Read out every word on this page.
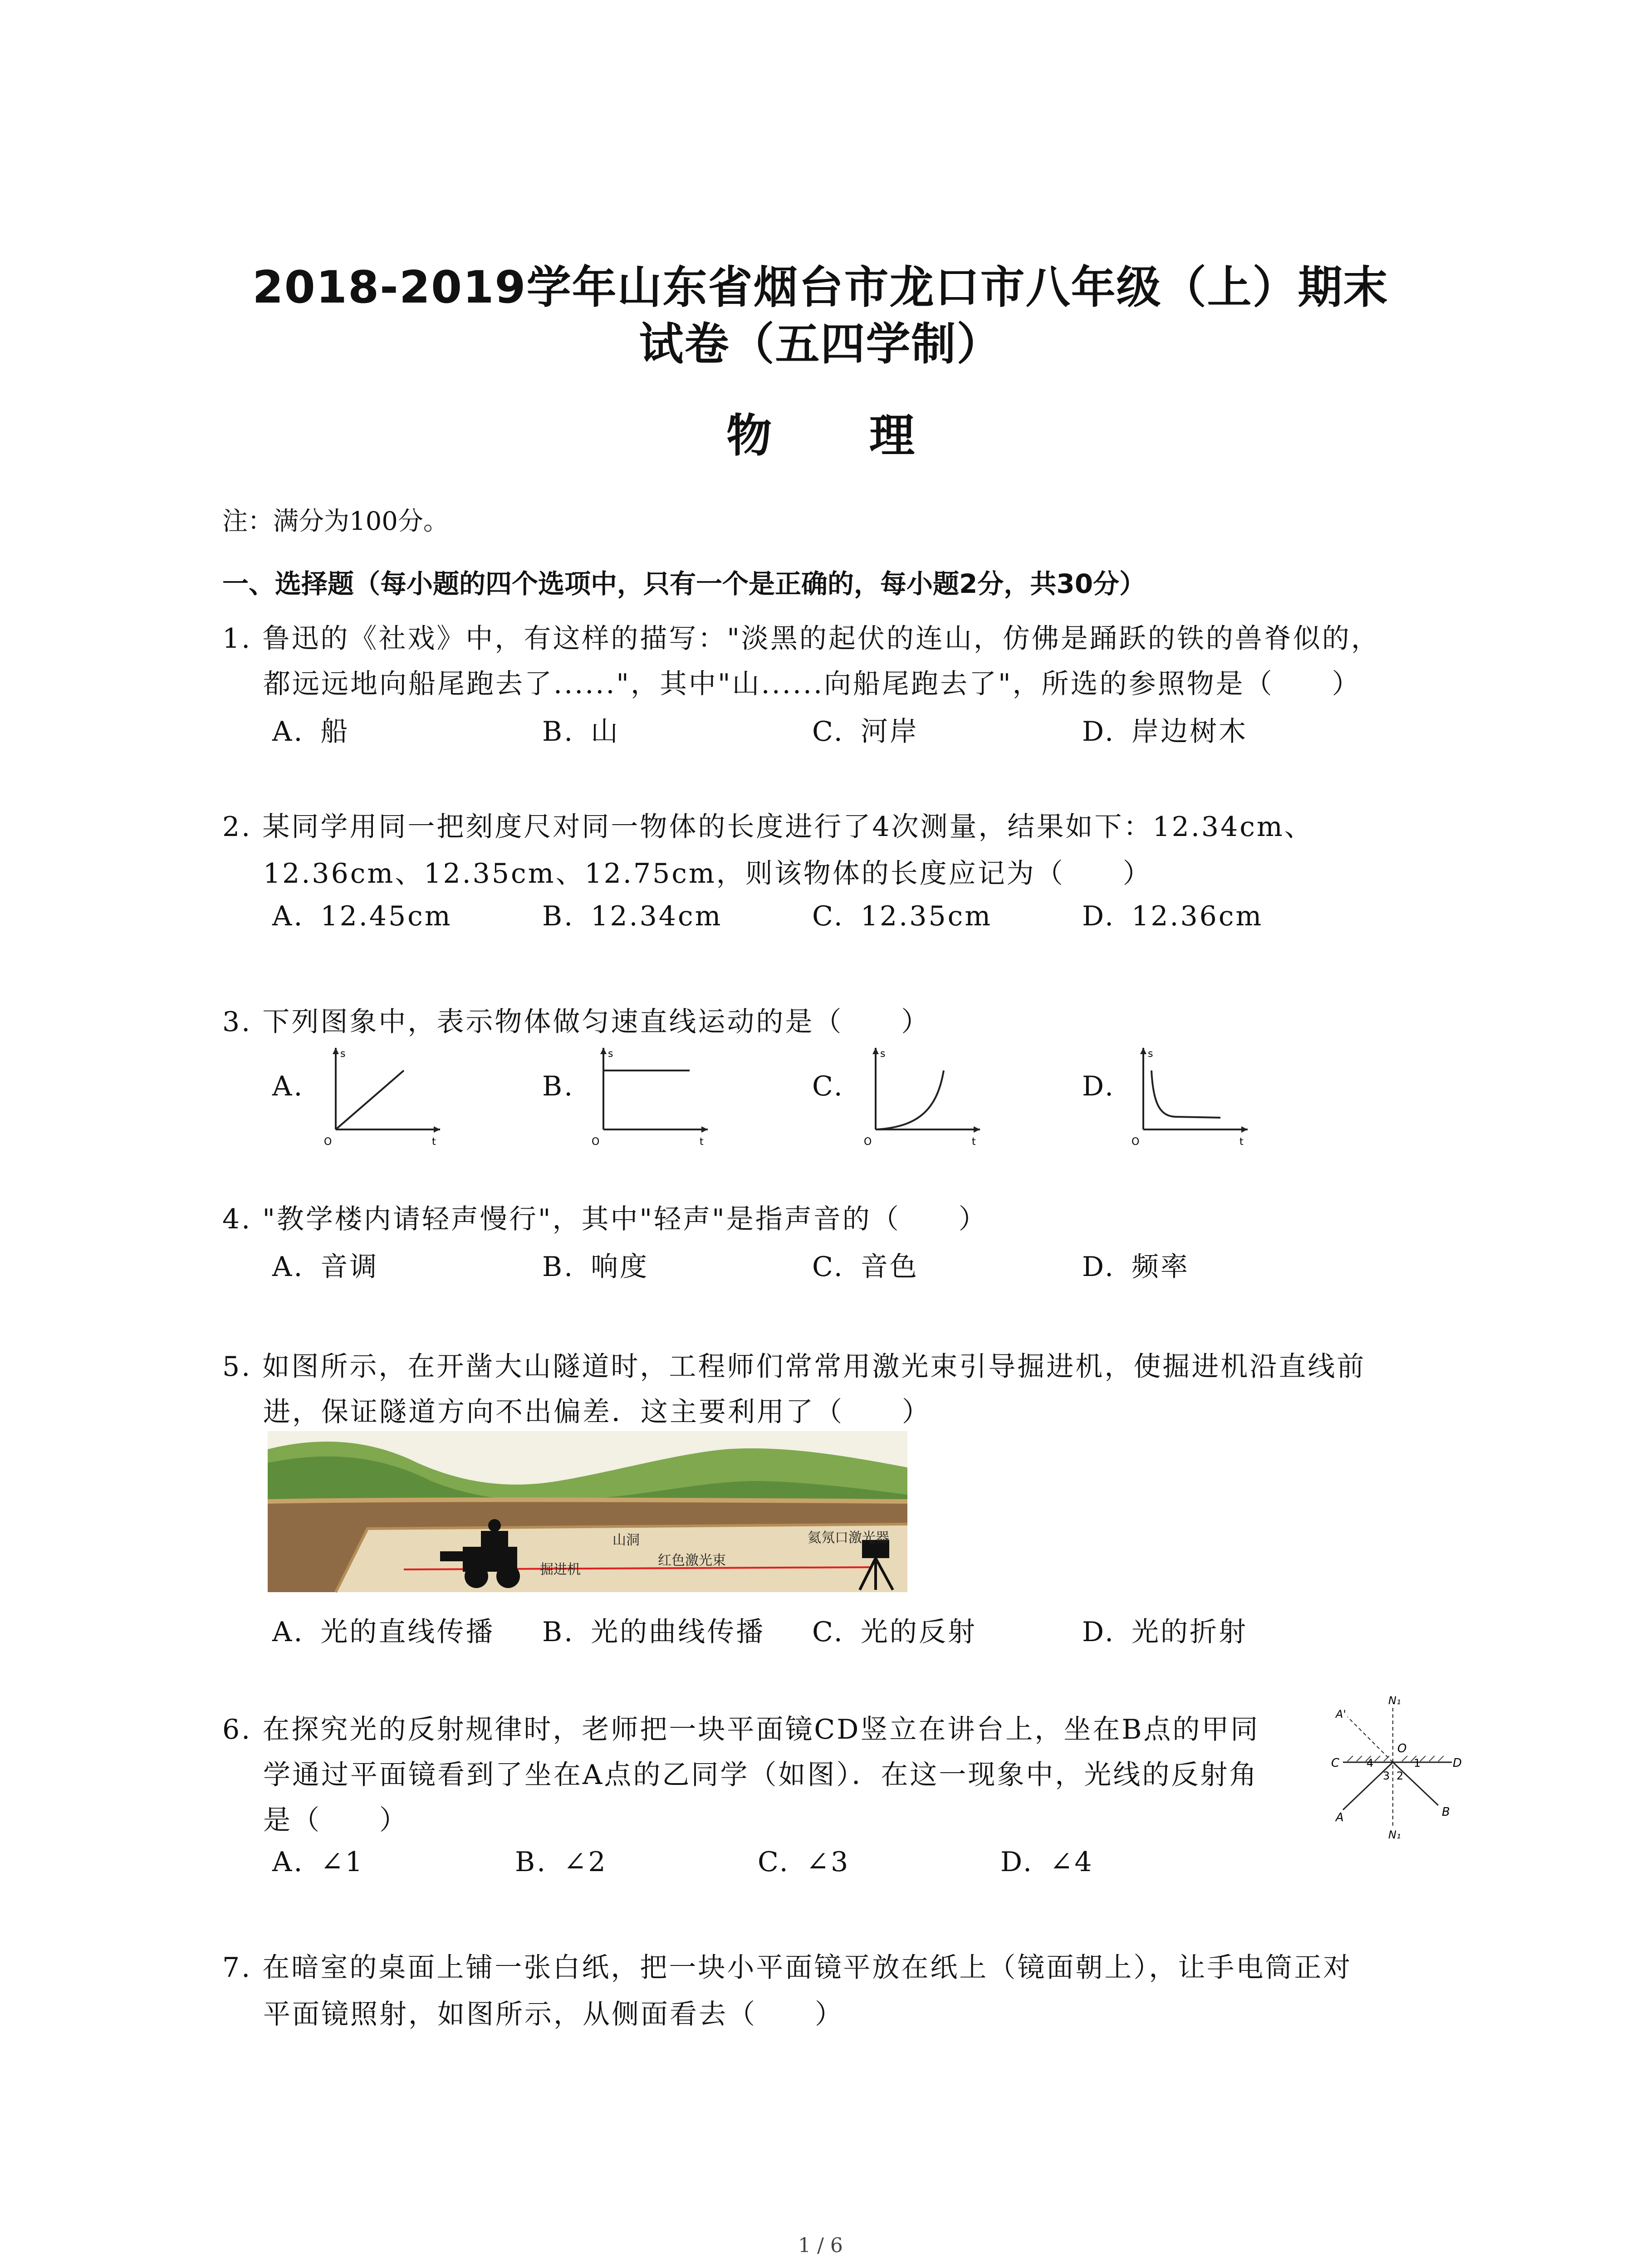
2018-2019学年山东省烟台市龙口市八年级（上）期末
试卷（五四学制）
物 理
注：满分为100分。
一、选择题（每小题的四个选项中，只有一个是正确的，每小题2分，共30分）
1. 鲁迅的《社戏》中，有这样的描写："淡黑的起伏的连山，仿佛是踊跃的铁的兽脊似的，
都远远地向船尾跑去了......"，其中"山......向船尾跑去了"，所选的参照物是（　　）
A. 船	B. 山	C. 河岸	D. 岸边树木
2. 某同学用同一把刻度尺对同一物体的长度进行了4次测量，结果如下：12.34cm、
12.36cm、12.35cm、12.75cm，则该物体的长度应记为（　　）
A. 12.45cm	B. 12.34cm	C. 12.35cm	D. 12.36cm
3. 下列图象中，表示物体做匀速直线运动的是（　　）
A.	B.	C.	D.
s
t
O
s
t
O
s
t
O
s
t
O
4. "教学楼内请轻声慢行"，其中"轻声"是指声音的（　　）
A. 音调	B. 响度	C. 音色	D. 频率
5. 如图所示，在开凿大山隧道时，工程师们常常用激光束引导掘进机，使掘进机沿直线前
进，保证隧道方向不出偏差．这主要利用了（　　）
山洞	氦氖口激光器
掘进机
红色激光束
A. 光的直线传播 B. 光的曲线传播 C. 光的反射	D. 光的折射
6. 在探究光的反射规律时，老师把一块平面镜CD竖立在讲台上，坐在B点的甲同
学通过平面镜看到了坐在A点的乙同学（如图）．在这一现象中，光线的反射角
是（　　）
N₁
N₁
A'
O
C	D
A	B
1
2
3
4
A. ∠1	B. ∠2	C. ∠3	D. ∠4
7. 在暗室的桌面上铺一张白纸，把一块小平面镜平放在纸上（镜面朝上），让手电筒正对
平面镜照射，如图所示，从侧面看去（　　）
1 / 6
